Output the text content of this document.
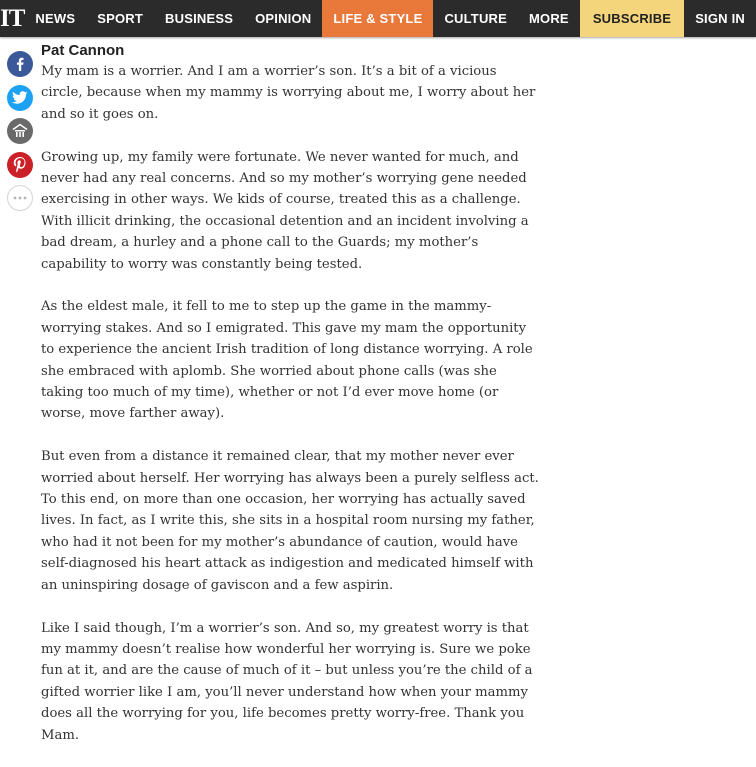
IT NEWS	SPORT	BUSINESS	OPINION	LIFE & STYLE	CULTURE	MORE	SUBSCRIBE	SIGN IN

Pat Cannon

My mam is a worrier. And I am a worrier’s son. It’s a bit of a vicious circle, because when my mammy is worrying about me, I worry about her and so it goes on.

Growing up, my family were fortunate. We never wanted for much, and never had any real concerns. And so my mother’s worrying gene needed exercising in other ways. We kids of course, treated this as a challenge. With illicit drinking, the occasional detention and an incident involving a bad dream, a hurley and a phone call to the Guards; my mother’s capability to worry was constantly being tested.

As the eldest male, it fell to me to step up the game in the mammy-worrying stakes. And so I emigrated. This gave my mam the opportunity to experience the ancient Irish tradition of long distance worrying. A role she embraced with aplomb. She worried about phone calls (was she taking too much of my time), whether or not I’d ever move home (or worse, move farther away).

But even from a distance it remained clear, that my mother never ever worried about herself. Her worrying has always been a purely selfless act. To this end, on more than one occasion, her worrying has actually saved lives. In fact, as I write this, she sits in a hospital room nursing my father, who had it not been for my mother’s abundance of caution, would have self-diagnosed his heart attack as indigestion and medicated himself with an uninspiring dosage of gaviscon and a few aspirin.

Like I said though, I’m a worrier’s son. And so, my greatest worry is that my mammy doesn’t realise how wonderful her worrying is. Sure we poke fun at it, and are the cause of much of it – but unless you’re the child of a gifted worrier like I am, you’ll never understand how when your mammy does all the worrying for you, life becomes pretty worry-free. Thank you Mam.
